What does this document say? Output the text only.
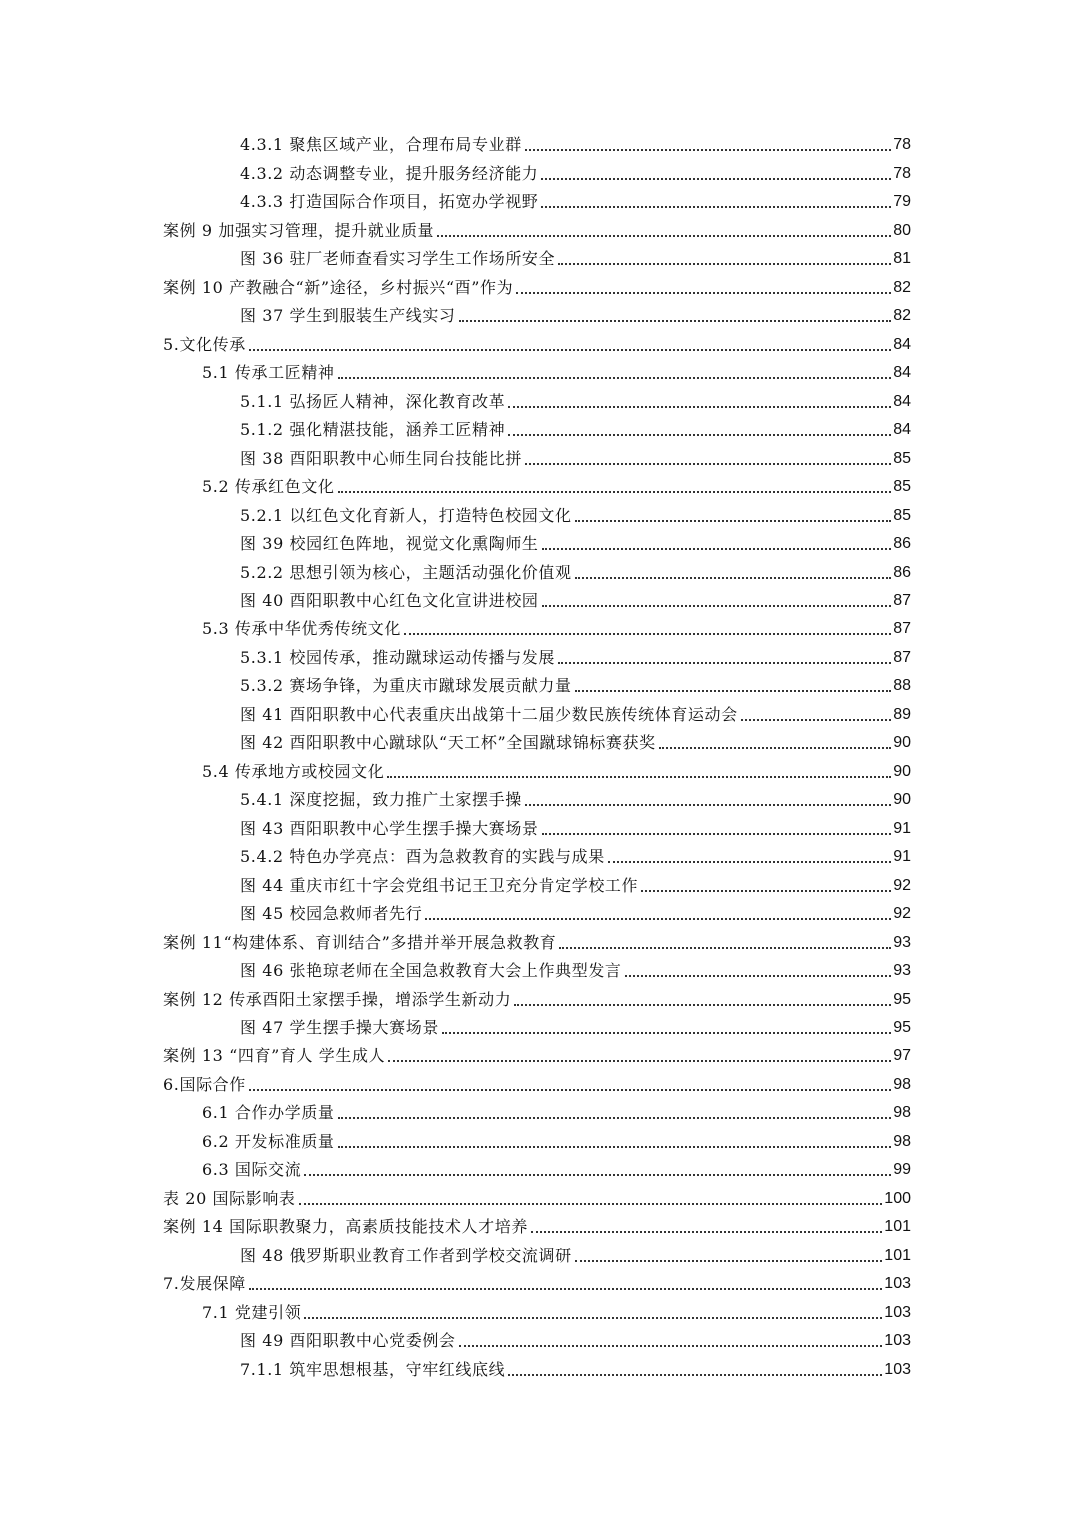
4.3.1 聚焦区域产业，合理布局专业群	78
4.3.2 动态调整专业，提升服务经济能力	78
4.3.3 打造国际合作项目，拓宽办学视野	79
案例 9 加强实习管理，提升就业质量	80
图 36 驻厂老师查看实习学生工作场所安全	81
案例 10 产教融合“新”途径，乡村振兴“酉”作为	82
图 37 学生到服装生产线实习	82
5.文化传承	84
5.1 传承工匠精神	84
5.1.1 弘扬匠人精神，深化教育改革	84
5.1.2 强化精湛技能，涵养工匠精神	84
图 38 酉阳职教中心师生同台技能比拼	85
5.2 传承红色文化	85
5.2.1 以红色文化育新人，打造特色校园文化	85
图 39 校园红色阵地，视觉文化熏陶师生	86
5.2.2 思想引领为核心，主题活动强化价值观	86
图 40 酉阳职教中心红色文化宣讲进校园	87
5.3 传承中华优秀传统文化	87
5.3.1 校园传承，推动蹴球运动传播与发展	87
5.3.2 赛场争锋，为重庆市蹴球发展贡献力量	88
图 41 酉阳职教中心代表重庆出战第十二届少数民族传统体育运动会	89
图 42 酉阳职教中心蹴球队“天工杯”全国蹴球锦标赛获奖	90
5.4 传承地方或校园文化	90
5.4.1 深度挖掘，致力推广土家摆手操	90
图 43 酉阳职教中心学生摆手操大赛场景	91
5.4.2 特色办学亮点：酉为急救教育的实践与成果	91
图 44 重庆市红十字会党组书记王卫充分肯定学校工作	92
图 45 校园急救师者先行	92
案例 11“构建体系、育训结合”多措并举开展急救教育	93
图 46 张艳琼老师在全国急救教育大会上作典型发言	93
案例 12 传承酉阳土家摆手操，增添学生新动力	95
图 47 学生摆手操大赛场景	95
案例 13 “四育”育人 学生成人	97
6.国际合作	98
6.1 合作办学质量	98
6.2 开发标准质量	98
6.3 国际交流	99
表 20 国际影响表	100
案例 14 国际职教聚力，高素质技能技术人才培养	101
图 48 俄罗斯职业教育工作者到学校交流调研	101
7.发展保障	103
7.1 党建引领	103
图 49 酉阳职教中心党委例会	103
7.1.1 筑牢思想根基，守牢红线底线	103
